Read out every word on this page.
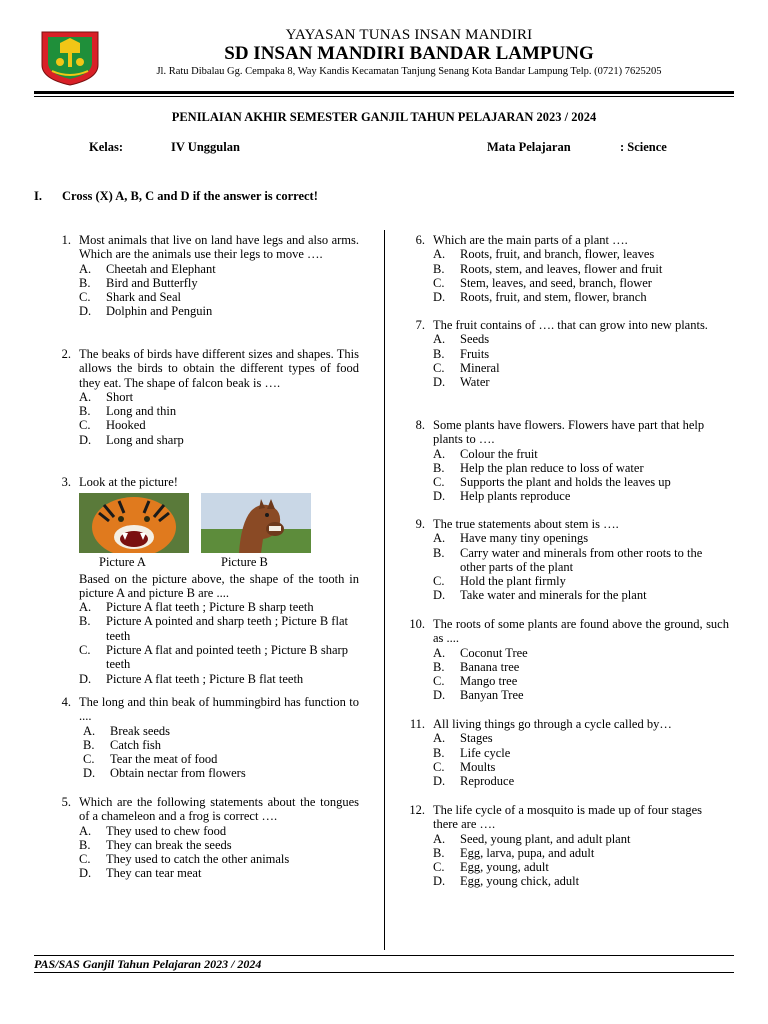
YAYASAN TUNAS INSAN MANDIRI
SD INSAN MANDIRI BANDAR LAMPUNG
Jl. Ratu Dibalau Gg. Cempaka 8, Way Kandis Kecamatan Tanjung Senang Kota Bandar Lampung Telp. (0721) 7625205
PENILAIAN AKHIR SEMESTER GANJIL TAHUN PELAJARAN 2023 / 2024
Kelas:	IV Unggulan	Mata Pelajaran	: Science
I. Cross (X) A, B, C and D if the answer is correct!
1. Most animals that live on land have legs and also arms. Which are the animals use their legs to move ….
A.	Cheetah and Elephant
B.	Bird and Butterfly
C.	Shark and Seal
D.	Dolphin and Penguin
2. The beaks of birds have different sizes and shapes. This allows the birds to obtain the different types of food they eat. The shape of falcon beak is ….
A.	Short
B.	Long and thin
C.	Hooked
D.	Long and sharp
3. Look at the picture!
Picture A	Picture B
Based on the picture above, the shape of the tooth in picture A and picture B are ....
A.	Picture A flat teeth ; Picture B sharp teeth
B.	Picture A pointed and sharp teeth ; Picture B flat teeth
C.	Picture A flat and pointed teeth ; Picture B sharp teeth
D.	Picture A flat teeth ; Picture B flat teeth
4. The long and thin beak of hummingbird has function to ....
A.	Break seeds
B.	Catch fish
C.	Tear the meat of food
D.	Obtain nectar from flowers
5. Which are the following statements about the tongues of a chameleon and a frog is correct ….
A.	They used to chew food
B.	They can break the seeds
C.	They used to catch the other animals
D.	They can tear meat
6. Which are the main parts of a plant ….
A.	Roots, fruit, and branch, flower, leaves
B.	Roots, stem, and leaves, flower and fruit
C.	Stem, leaves, and seed, branch, flower
D.	Roots, fruit, and stem, flower, branch
7. The fruit contains of …. that can grow into new plants.
A.	Seeds
B.	Fruits
C.	Mineral
D.	Water
8. Some plants have flowers. Flowers have part that help plants to ….
A.	Colour the fruit
B.	Help the plan reduce to loss of water
C.	Supports the plant and holds the leaves up
D.	Help plants reproduce
9. The true statements about stem is ….
A.	Have many tiny openings
B.	Carry water and minerals from other roots to the other parts of the plant
C.	Hold the plant firmly
D.	Take water and minerals for the plant
10. The roots of some plants are found above the ground, such as ....
A.	Coconut Tree
B.	Banana tree
C.	Mango tree
D.	Banyan Tree
11. All living things go through a cycle called by…
A.	Stages
B.	Life cycle
C.	Moults
D.	Reproduce
12. The life cycle of a mosquito is made up of four stages there are ….
A.	Seed, young plant, and adult plant
B.	Egg, larva, pupa, and adult
C.	Egg, young, adult
D.	Egg, young chick, adult
PAS/SAS Ganjil Tahun Pelajaran 2023 / 2024
